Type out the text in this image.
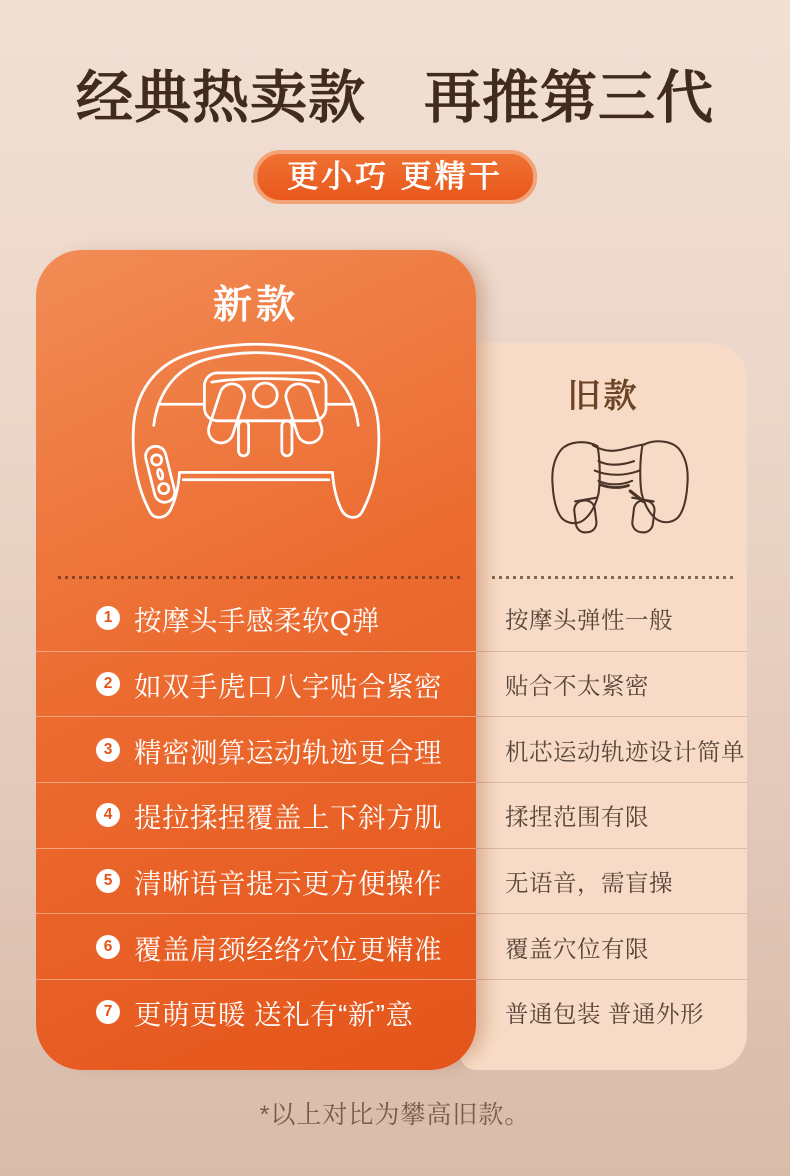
经典热卖款　再推第三代
更小巧 更精干
旧款
按摩头弹性一般
贴合不太紧密
机芯运动轨迹设计简单
揉捏范围有限
无语音，需盲操
覆盖穴位有限
普通包装 普通外形
新款
1 按摩头手感柔软Q弹
2 如双手虎口八字贴合紧密
3 精密测算运动轨迹更合理
4 提拉揉捏覆盖上下斜方肌
5 清晰语音提示更方便操作
6 覆盖肩颈经络穴位更精准
7 更萌更暖 送礼有“新”意
*以上对比为攀高旧款。
